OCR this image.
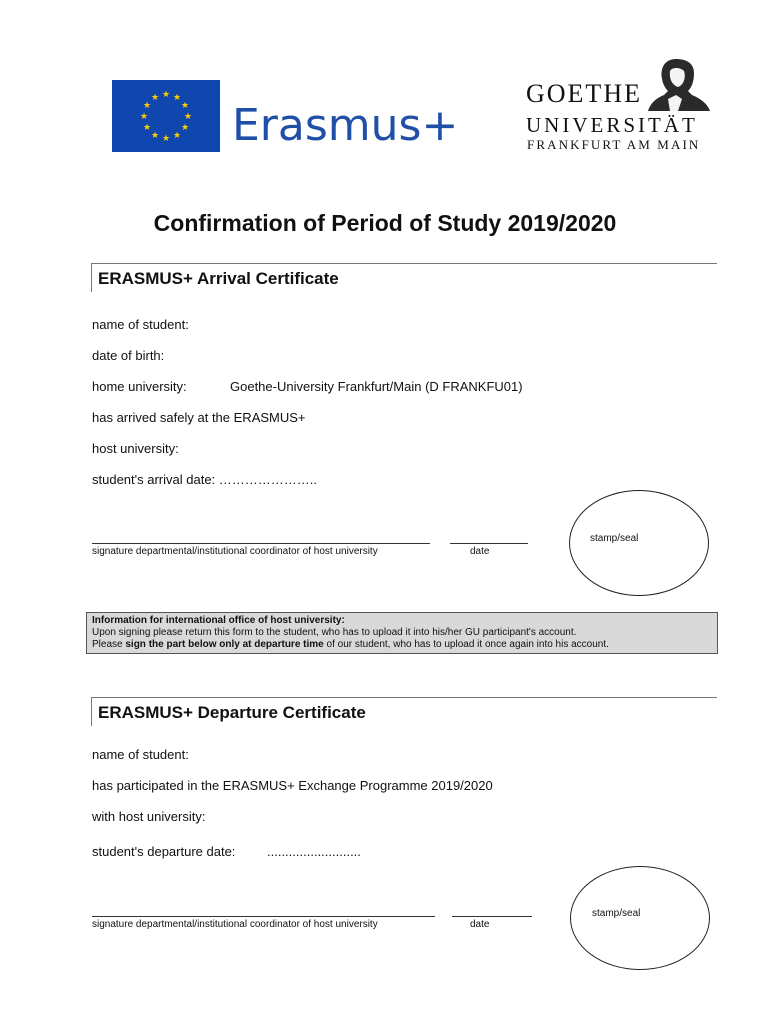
★ ★
★
★
★
★
★
★
★
★
★
★
Erasmus+
GOETHE
UNIVERSITÄT
FRANKFURT AM MAIN
Confirmation of Period of Study 2019/2020
ERASMUS+ Arrival Certificate
name of student:
date of birth:
home university:	Goethe-University Frankfurt/Main (D FRANKFU01)
has arrived safely at the ERASMUS+
host university:
student's arrival date: …………………..
signature departmental/institutional coordinator of host university	date
stamp/seal
Information for international office of host university:
Upon signing please return this form to the student, who has to upload it into his/her GU participant's account.
Please sign the part below only at departure time of our student, who has to upload it once again into his account.
ERASMUS+ Departure Certificate
name of student:
has participated in the ERASMUS+ Exchange Programme 2019/2020
with host university:
student's departure date: ..........................
signature departmental/institutional coordinator of host university	date
stamp/seal
